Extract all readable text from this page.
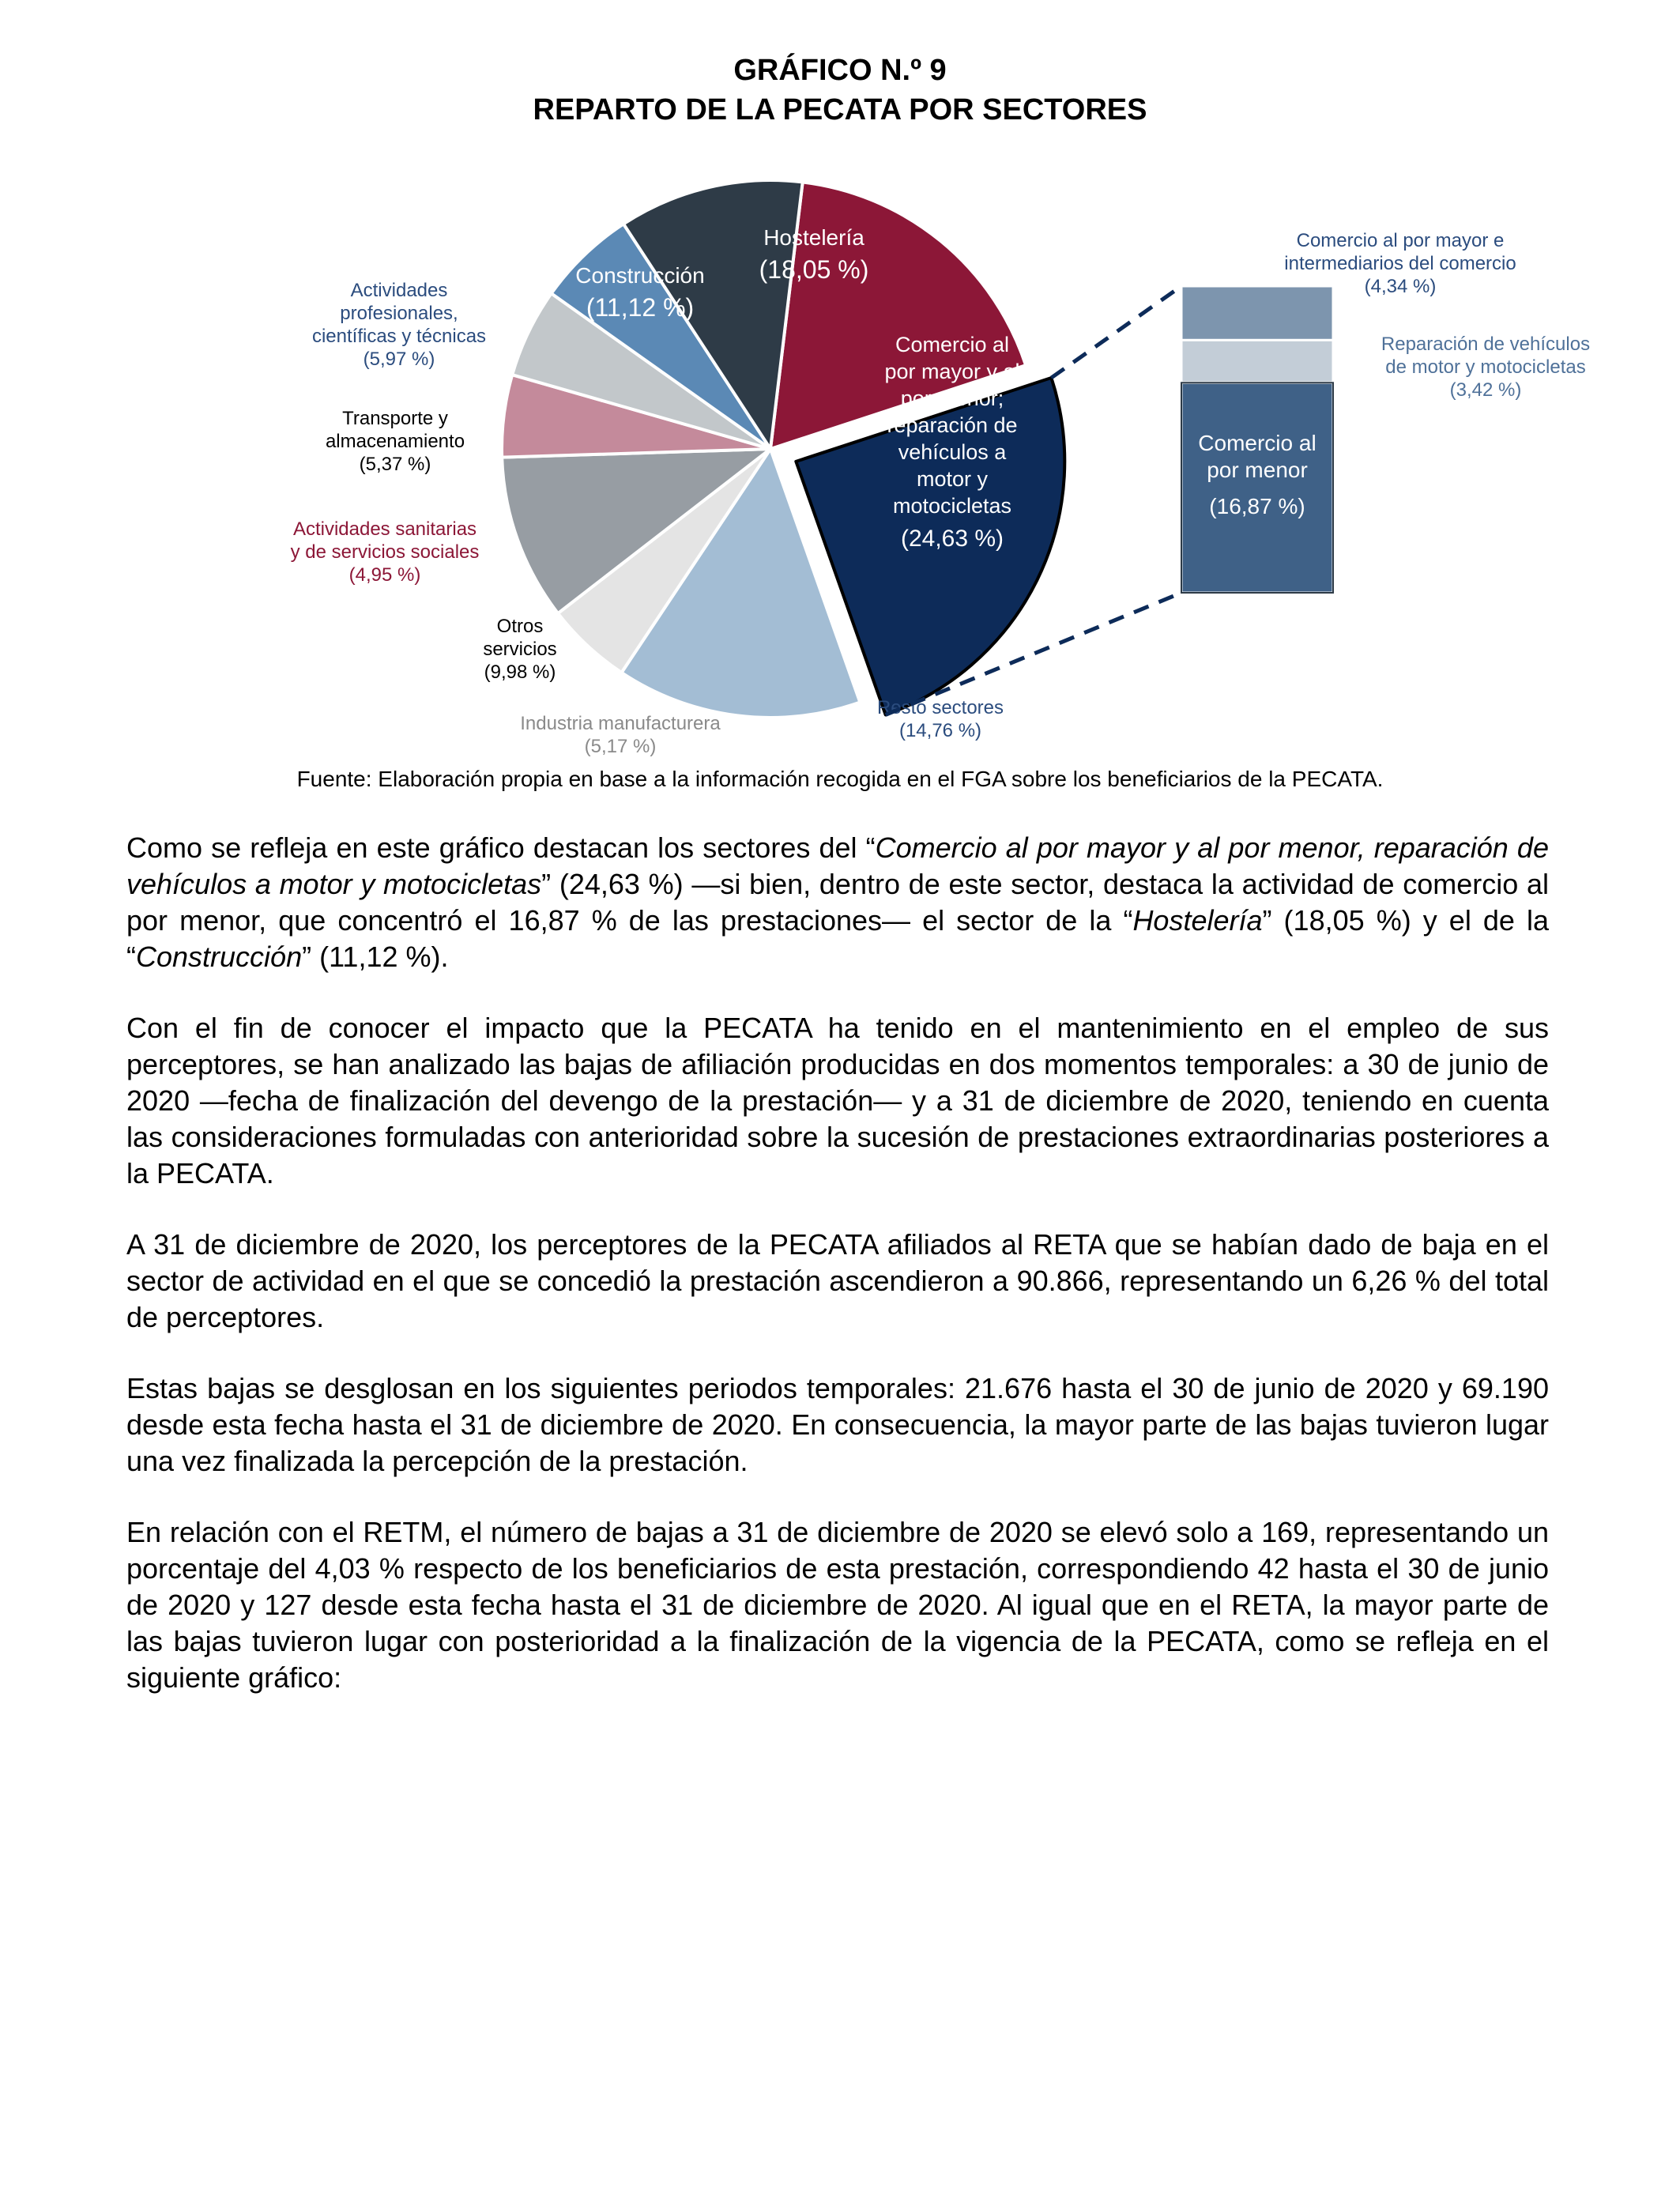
GRÁFICO N.º 9
REPARTO DE LA PECATA POR SECTORES
Hostelería
(18,05 %)
Comercio al por mayor y al por menor; reparación de vehículos a motor y motocicletas
(24,63 %)
Resto sectores
(14,76 %)
Industria manufacturera
(5,17 %)
Otros servicios
(9,98 %)
Actividades sanitarias y de servicios sociales
(4,95 %)
Transporte y almacenamiento
(5,37 %)
Actividades profesionales, científicas y técnicas
(5,97 %)
Construcción
(11,12 %)
Comercio al por mayor e intermediarios del comercio
(4,34 %)
Reparación de vehículos de motor y motocicletas
(3,42 %)
Comercio al por menor
(16,87 %)
Fuente: Elaboración propia en base a la información recogida en el FGA sobre los beneficiarios de la PECATA.

Como se refleja en este gráfico destacan los sectores del “Comercio al por mayor y al por menor, reparación de vehículos a motor y motocicletas” (24,63 %) —si bien, dentro de este sector, destaca la actividad de comercio al por menor, que concentró el 16,87 % de las prestaciones— el sector de la “Hostelería” (18,05 %) y el de la “Construcción” (11,12 %).

Con el fin de conocer el impacto que la PECATA ha tenido en el mantenimiento en el empleo de sus perceptores, se han analizado las bajas de afiliación producidas en dos momentos temporales: a 30 de junio de 2020 —fecha de finalización del devengo de la prestación— y a 31 de diciembre de 2020, teniendo en cuenta las consideraciones formuladas con anterioridad sobre la sucesión de prestaciones extraordinarias posteriores a la PECATA.

A 31 de diciembre de 2020, los perceptores de la PECATA afiliados al RETA que se habían dado de baja en el sector de actividad en el que se concedió la prestación ascendieron a 90.866, representando un 6,26 % del total de perceptores.

Estas bajas se desglosan en los siguientes periodos temporales: 21.676 hasta el 30 de junio de 2020 y 69.190 desde esta fecha hasta el 31 de diciembre de 2020. En consecuencia, la mayor parte de las bajas tuvieron lugar una vez finalizada la percepción de la prestación.

En relación con el RETM, el número de bajas a 31 de diciembre de 2020 se elevó solo a 169, representando un porcentaje del 4,03 % respecto de los beneficiarios de esta prestación, correspondiendo 42 hasta el 30 de junio de 2020 y 127 desde esta fecha hasta el 31 de diciembre de 2020. Al igual que en el RETA, la mayor parte de las bajas tuvieron lugar con posterioridad a la finalización de la vigencia de la PECATA, como se refleja en el siguiente gráfico:
